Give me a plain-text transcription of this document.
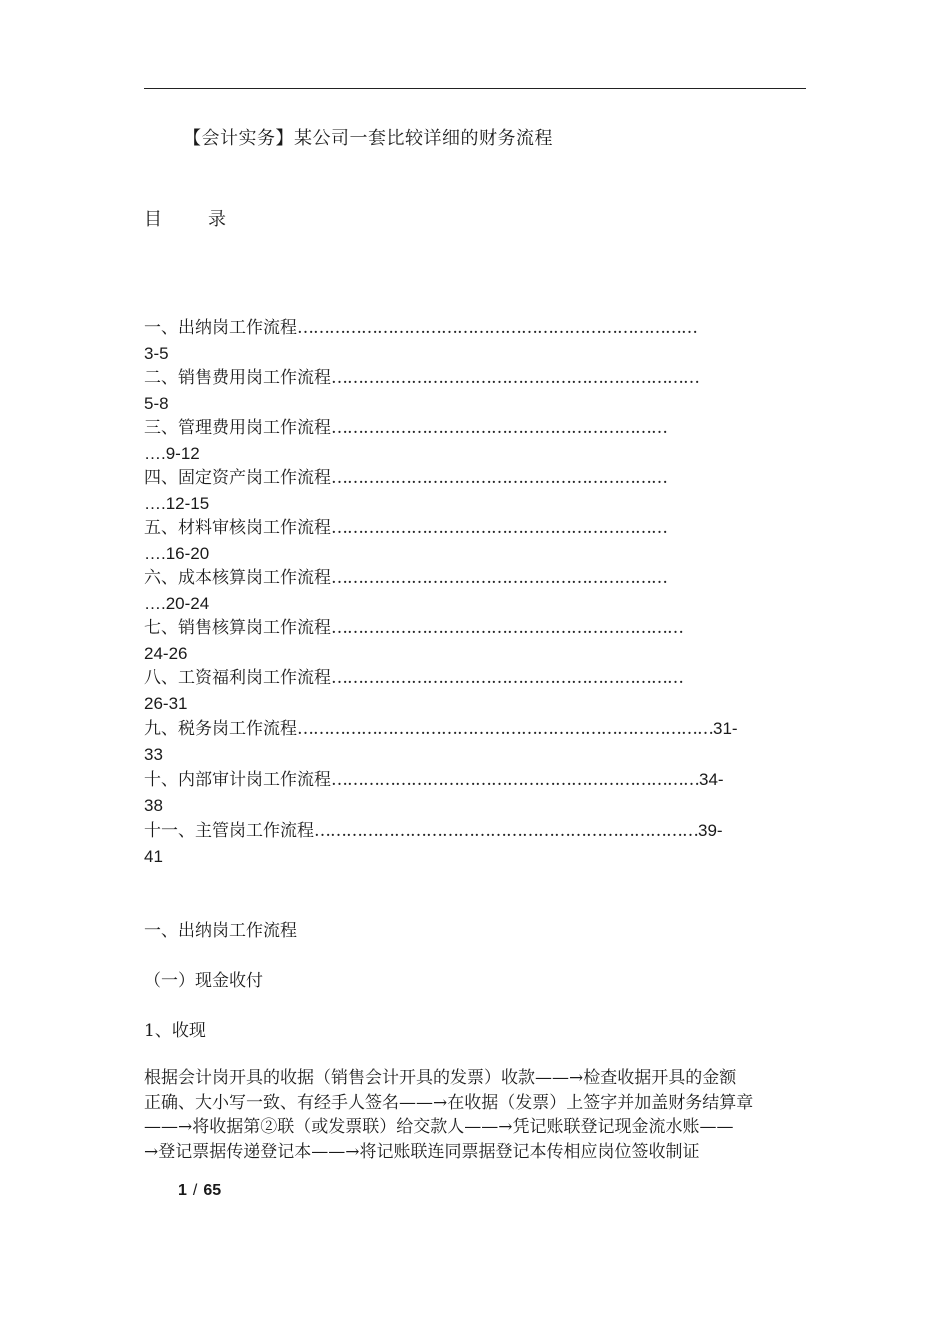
【会计实务】某公司一套比较详细的财务流程
目	录
一、出纳岗工作流程…………………………………………………………………
3-5
二、销售费用岗工作流程……………………………………………………………
5-8
三、管理费用岗工作流程………………………………………………………
….9-12
四、固定资产岗工作流程………………………………………………………
….12-15
五、材料审核岗工作流程………………………………………………………
….16-20
六、成本核算岗工作流程………………………………………………………
….20-24
七、销售核算岗工作流程…………………………………………………………
24-26
八、工资福利岗工作流程…………………………………………………………
26-31
九、税务岗工作流程……………………………………………………………………31-
33
十、内部审计岗工作流程……………………………………………………………34-
38
十一、主管岗工作流程………………………………………………………………39-
41
一、出纳岗工作流程
（一）现金收付
1、收现
根据会计岗开具的收据（销售会计开具的发票）收款——→检查收据开具的金额
正确、大小写一致、有经手人签名——→在收据（发票）上签字并加盖财务结算章
——→将收据第②联（或发票联）给交款人——→凭记账联登记现金流水账——
→登记票据传递登记本——→将记账联连同票据登记本传相应岗位签收制证
1 / 65
